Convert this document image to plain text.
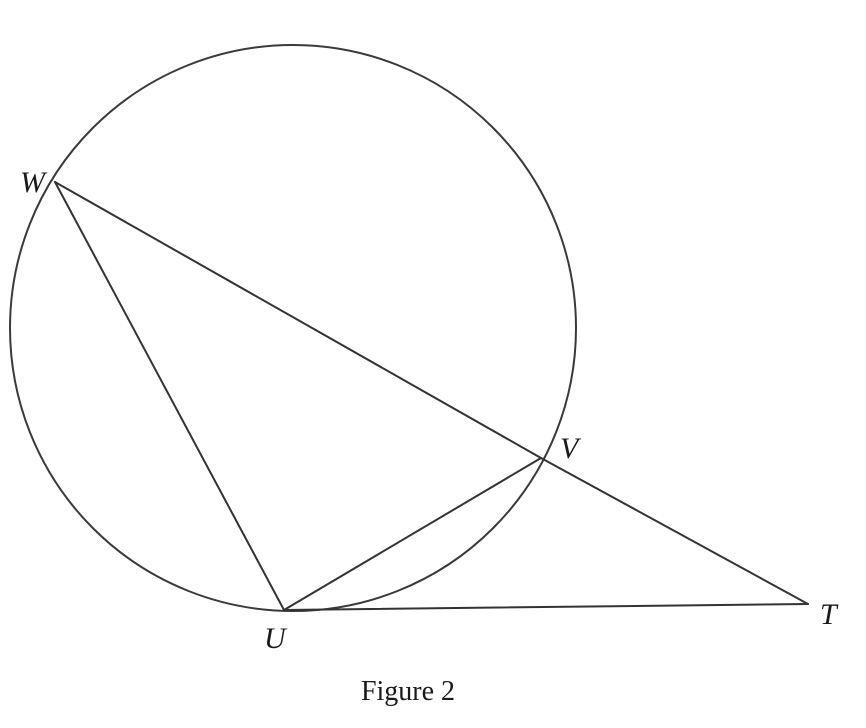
W
V
U
T
Figure 2
